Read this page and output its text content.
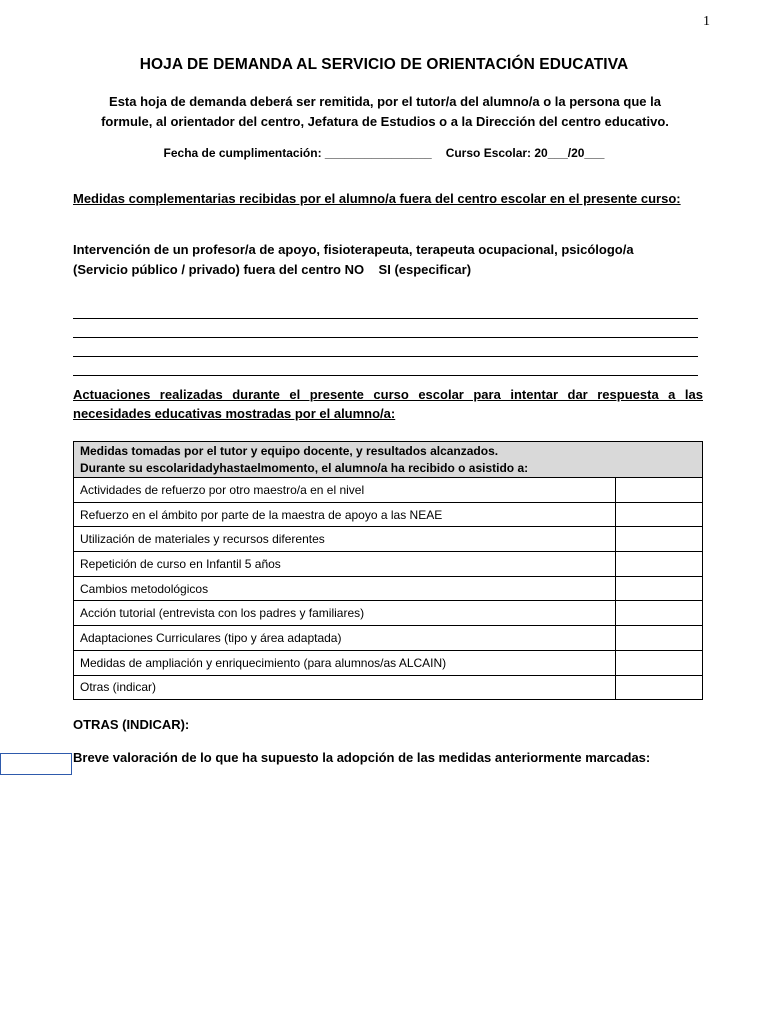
1
HOJA DE DEMANDA AL SERVICIO DE ORIENTACIÓN EDUCATIVA
Esta hoja de demanda deberá ser remitida, por el tutor/a del alumno/a o la persona que la
formule, al orientador del centro, Jefatura de Estudios o a la Dirección del centro educativo.
Fecha de cumplimentación: ________________ Curso Escolar: 20___/20___
Medidas complementarias recibidas por el alumno/a fuera del centro escolar en el presente curso:
Intervención de un profesor/a de apoyo, fisioterapeuta, terapeuta ocupacional, psicólogo/a
(Servicio público / privado) fuera del centro NO    SI (especificar)
Actuaciones realizadas durante el presente curso escolar para intentar dar respuesta a las necesidades educativas mostradas por el alumno/a:
Medidas tomadas por el tutor y equipo docente, y resultados alcanzados.
Durante su escolaridadyhastaelmomento, el alumno/a ha recibido o asistido a:	

Actividades de refuerzo por otro maestro/a en el nivel	
Refuerzo en el ámbito por parte de la maestra de apoyo a las NEAE	
Utilización de materiales y recursos diferentes	
Repetición de curso en Infantil 5 años	
Cambios metodológicos	
Acción tutorial (entrevista con los padres y familiares)	
Adaptaciones Curriculares (tipo y área adaptada)	
Medidas de ampliación y enriquecimiento (para alumnos/as ALCAIN)	
Otras (indicar)	
OTRAS (INDICAR):
Breve valoración de lo que ha supuesto la adopción de las medidas anteriormente marcadas:
